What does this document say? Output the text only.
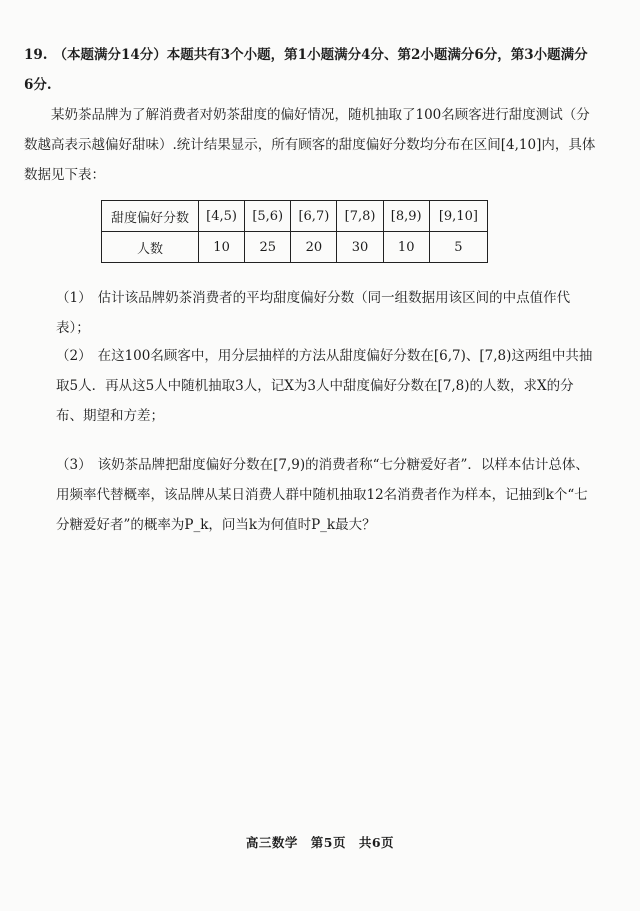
19. （本题满分14分）本题共有3个小题，第1小题满分4分、第2小题满分6分，第3小题满分6分.

某奶茶品牌为了解消费者对奶茶甜度的偏好情况，随机抽取了100名顾客进行甜度测试（分数越高表示越偏好甜味）.统计结果显示，所有顾客的甜度偏好分数均分布在区间[4,10]内，具体数据见下表：

甜度偏好分数	[4,5)	[5,6)	[6,7)	[7,8)	[8,9)	[9,10]
人数	10	25	20	30	10	5

（1） 估计该品牌奶茶消费者的平均甜度偏好分数（同一组数据用该区间的中点值作代表）；

（2） 在这100名顾客中，用分层抽样的方法从甜度偏好分数在[6,7)、[7,8)这两组中共抽取5人．再从这5人中随机抽取3人，记X为3人中甜度偏好分数在[7,8)的人数，求X的分布、期望和方差；

（3） 该奶茶品牌把甜度偏好分数在[7,9)的消费者称“七分糖爱好者”．以样本估计总体、用频率代替概率，该品牌从某日消费人群中随机抽取12名消费者作为样本，记抽到k个“七分糖爱好者”的概率为P_k，问当k为何值时P_k最大？

高三数学 第5页 共6页
